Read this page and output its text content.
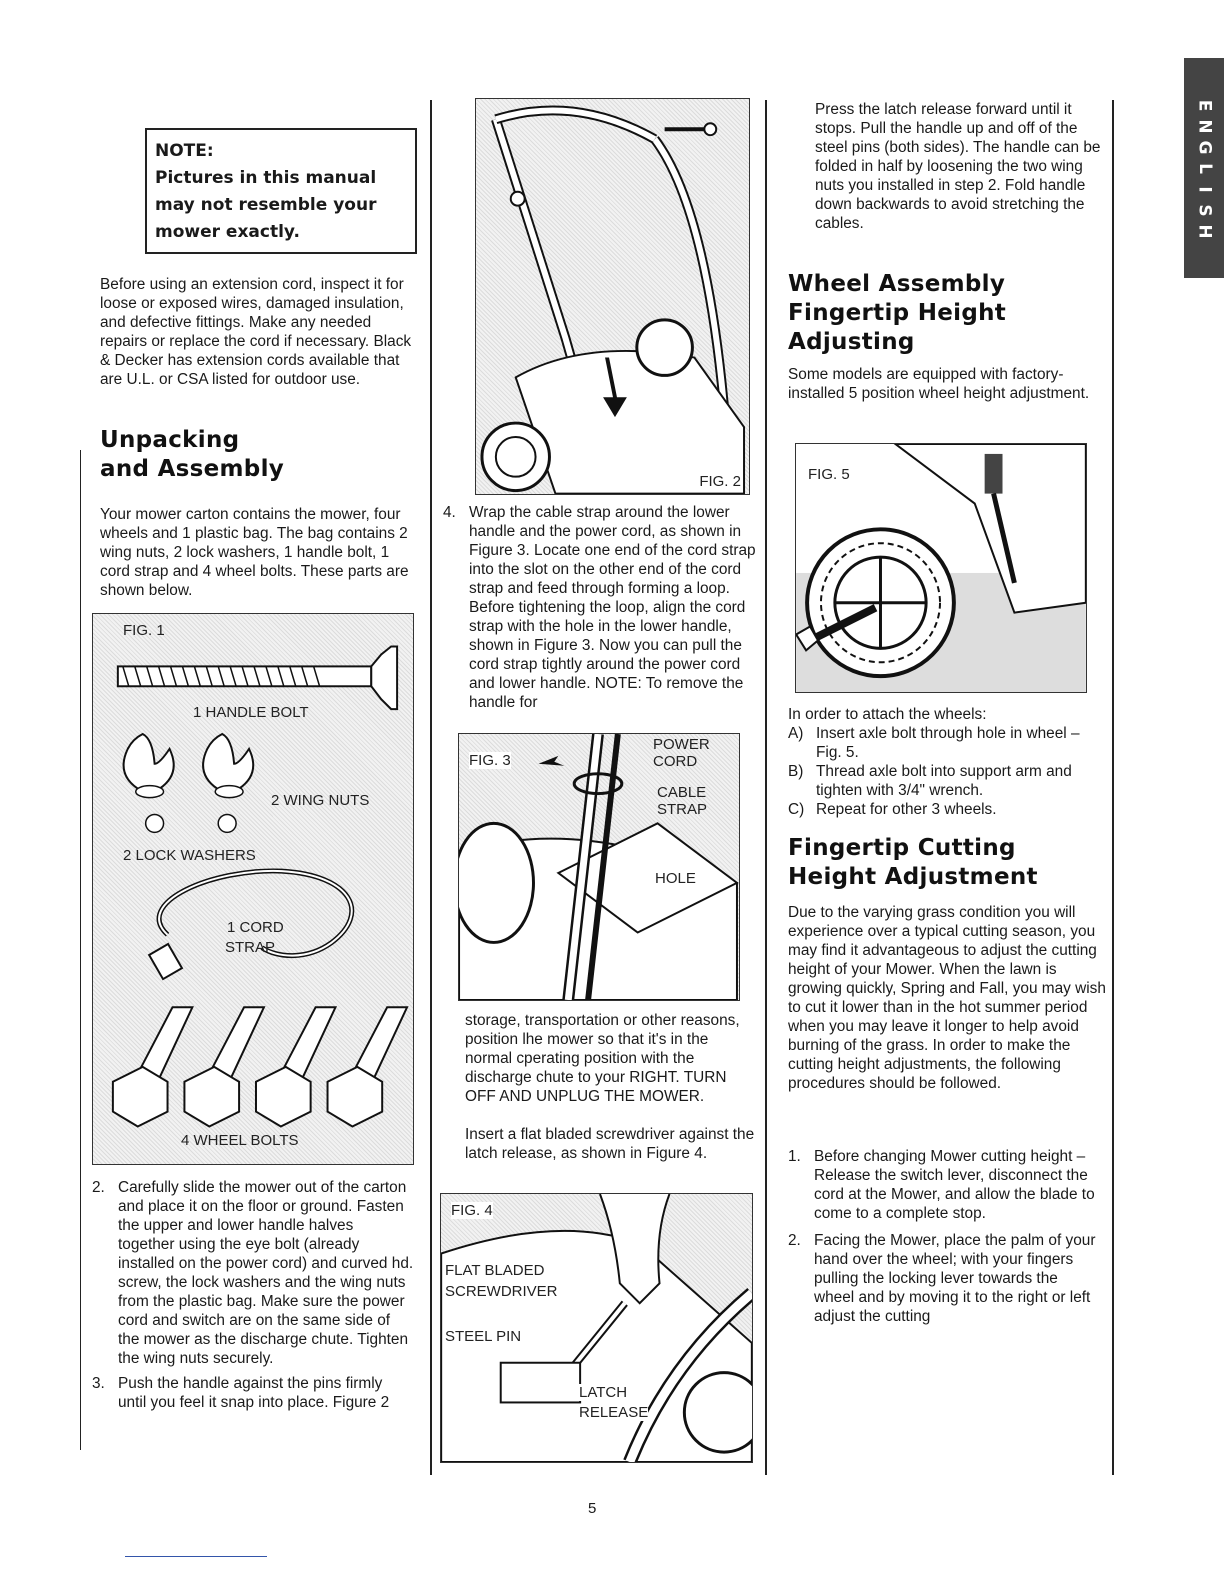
E
N
G
L
I
S
H
NOTE:
Pictures in this manual may not resemble your mower exactly.
Before using an extension cord, inspect it for loose or exposed wires, damaged insulation, and defective fittings. Make any needed repairs or replace the cord if necessary. Black & Decker has extension cords available that are U.L. or CSA listed for outdoor use.
Unpacking
and Assembly
Your mower carton contains the mower, four wheels and 1 plastic bag. The bag contains 2 wing nuts, 2 lock washers, 1 handle bolt, 1 cord strap and 4 wheel bolts. These parts are shown below.
FIG. 1
1 HANDLE BOLT
2 WING NUTS
2 LOCK WASHERS
1 CORD
STRAP
4 WHEEL BOLTS
2. Carefully slide the mower out of the carton and place it on the floor or ground. Fasten the upper and lower handle halves together using the eye bolt (already installed on the power cord) and curved hd. screw, the lock washers and the wing nuts from the plastic bag. Make sure the power cord and switch are on the same side of the mower as the discharge chute. Tighten the wing nuts securely.
3. Push the handle against the pins firmly until you feel it snap into place. Figure 2
FIG. 2
4. Wrap the cable strap around the lower handle and the power cord, as shown in Figure 3. Locate one end of the cord strap into the slot on the other end of the cord strap and feed through forming a loop. Before tightening the loop, align the cord strap with the hole in the lower handle, shown in Figure 3. Now you can pull the cord strap tightly around the power cord and lower handle. NOTE: To remove the handle for
FIG. 3
POWER
CORD
CABLE
STRAP
HOLE
storage, transportation or other reasons, position lhe mower so that it's in the normal cperating position with the discharge chute to your RIGHT. TURN OFF AND UNPLUG THE MOWER.
Insert a flat bladed screwdriver against the latch release, as shown in Figure 4.
FIG. 4
FLAT BLADED
SCREWDRIVER
STEEL PIN
LATCH
RELEASE
Press the latch release forward until it stops. Pull the handle up and off of the steel pins (both sides). The handle can be folded in half by loosening the two wing nuts you installed in step 2. Fold handle down backwards to avoid stretching the cables.
Wheel Assembly
Fingertip Height
Adjusting
Some models are equipped with factory-installed 5 position wheel height adjustment.
FIG. 5
In order to attach the wheels:
A) Insert axle bolt through hole in wheel – Fig. 5.
B) Thread axle bolt into support arm and tighten with 3/4" wrench.
C) Repeat for other 3 wheels.
Fingertip Cutting
Height Adjustment
Due to the varying grass condition you will experience over a typical cutting season, you may find it advantageous to adjust the cutting height of your Mower. When the lawn is growing quickly, Spring and Fall, you may wish to cut it lower than in the hot summer period when you may leave it longer to help avoid burning of the grass. In order to make the cutting height adjustments, the following procedures should be followed.
1. Before changing Mower cutting height – Release the switch lever, disconnect the cord at the Mower, and allow the blade to come to a complete stop.
2. Facing the Mower, place the palm of your hand over the wheel; with your fingers pulling the locking lever towards the wheel and by moving it to the right or left adjust the cutting
5
